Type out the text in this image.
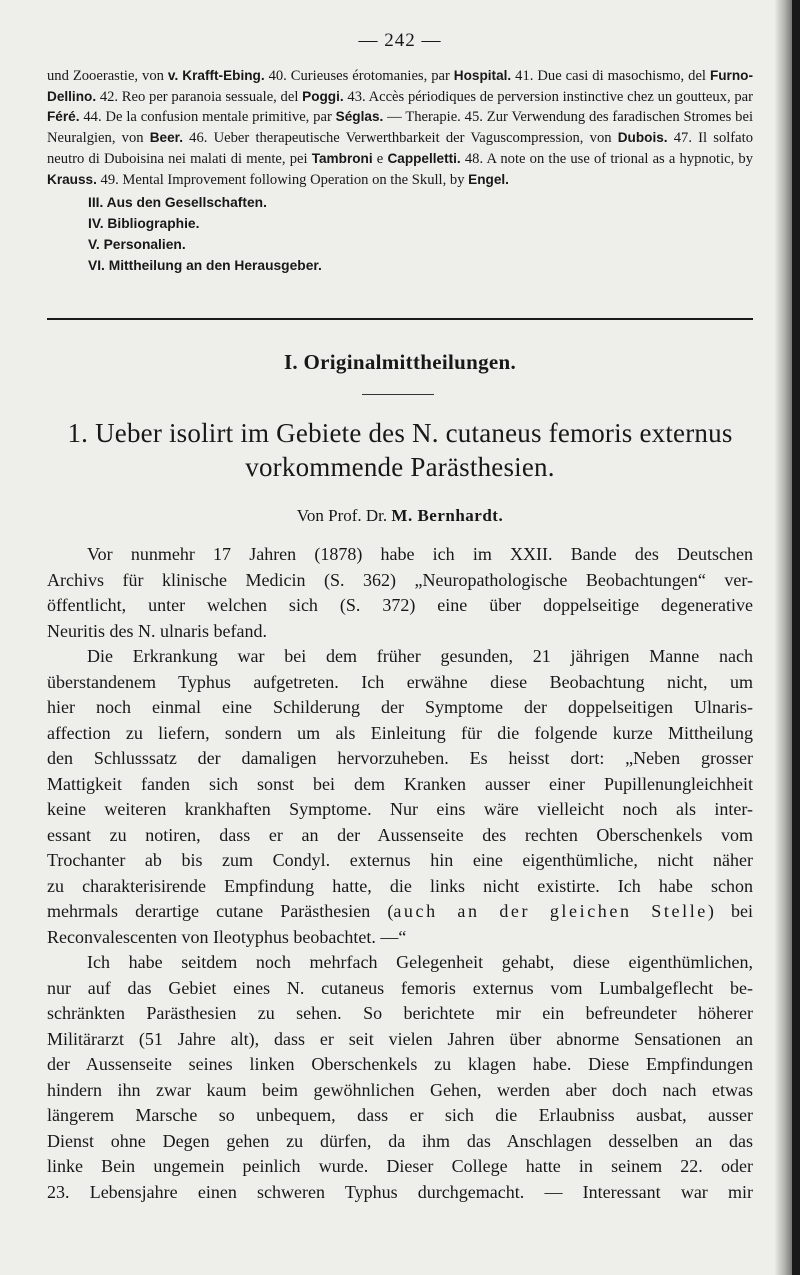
— 242 —

und Zooerastie, von v. Krafft-Ebing. 40. Curieuses érotomanies, par Hospital. 41. Due casi di masochismo, del Furno-Dellino. 42. Reo per paranoia sessuale, del Poggi. 43. Accès périodiques de perversion instinctive chez un goutteux, par Féré. 44. De la confusion mentale primitive, par Séglas. — Therapie. 45. Zur Verwendung des faradischen Stromes bei Neuralgien, von Beer. 46. Ueber therapeutische Verwerthbarkeit der Vaguscompression, von Dubois. 47. Il solfato neutro di Duboisina nei malati di mente, pei Tambroni e Cappelletti. 48. A note on the use of trional as a hypnotic, by Krauss. 49. Mental Improvement following Operation on the Skull, by Engel.

III. Aus den Gesellschaften.
IV. Bibliographie.
V. Personalien.
VI. Mittheilung an den Herausgeber.
I. Originalmittheilungen.
1. Ueber isolirt im Gebiete des N. cutaneus femoris externus
vorkommende Parästhesien.
Von Prof. Dr. M. Bernhardt.
Vor nunmehr 17 Jahren (1878) habe ich im XXII. Bande des Deutschen
Archivs für klinische Medicin (S. 362) „Neuropathologische Beobachtungen“ ver-
öffentlicht, unter welchen sich (S. 372) eine über doppelseitige degenerative
Neuritis des N. ulnaris befand.
Die Erkrankung war bei dem früher gesunden, 21 jährigen Manne nach
überstandenem Typhus aufgetreten. Ich erwähne diese Beobachtung nicht, um
hier noch einmal eine Schilderung der Symptome der doppelseitigen Ulnaris-
affection zu liefern, sondern um als Einleitung für die folgende kurze Mittheilung
den Schlusssatz der damaligen hervorzuheben. Es heisst dort: „Neben grosser
Mattigkeit fanden sich sonst bei dem Kranken ausser einer Pupillenungleichheit
keine weiteren krankhaften Symptome. Nur eins wäre vielleicht noch als inter-
essant zu notiren, dass er an der Aussenseite des rechten Oberschenkels vom
Trochanter ab bis zum Condyl. externus hin eine eigenthümliche, nicht näher
zu charakterisirende Empfindung hatte, die links nicht existirte. Ich habe schon
mehrmals derartige cutane Parästhesien (auch an der gleichen Stelle) bei
Reconvalescenten von Ileotyphus beobachtet. —“
Ich habe seitdem noch mehrfach Gelegenheit gehabt, diese eigenthümlichen,
nur auf das Gebiet eines N. cutaneus femoris externus vom Lumbalgeflecht be-
schränkten Parästhesien zu sehen. So berichtete mir ein befreundeter höherer
Militärarzt (51 Jahre alt), dass er seit vielen Jahren über abnorme Sensationen an
der Aussenseite seines linken Oberschenkels zu klagen habe. Diese Empfindungen
hindern ihn zwar kaum beim gewöhnlichen Gehen, werden aber doch nach etwas
längerem Marsche so unbequem, dass er sich die Erlaubniss ausbat, ausser
Dienst ohne Degen gehen zu dürfen, da ihm das Anschlagen desselben an das
linke Bein ungemein peinlich wurde. Dieser College hatte in seinem 22. oder
23. Lebensjahre einen schweren Typhus durchgemacht. — Interessant war mir
